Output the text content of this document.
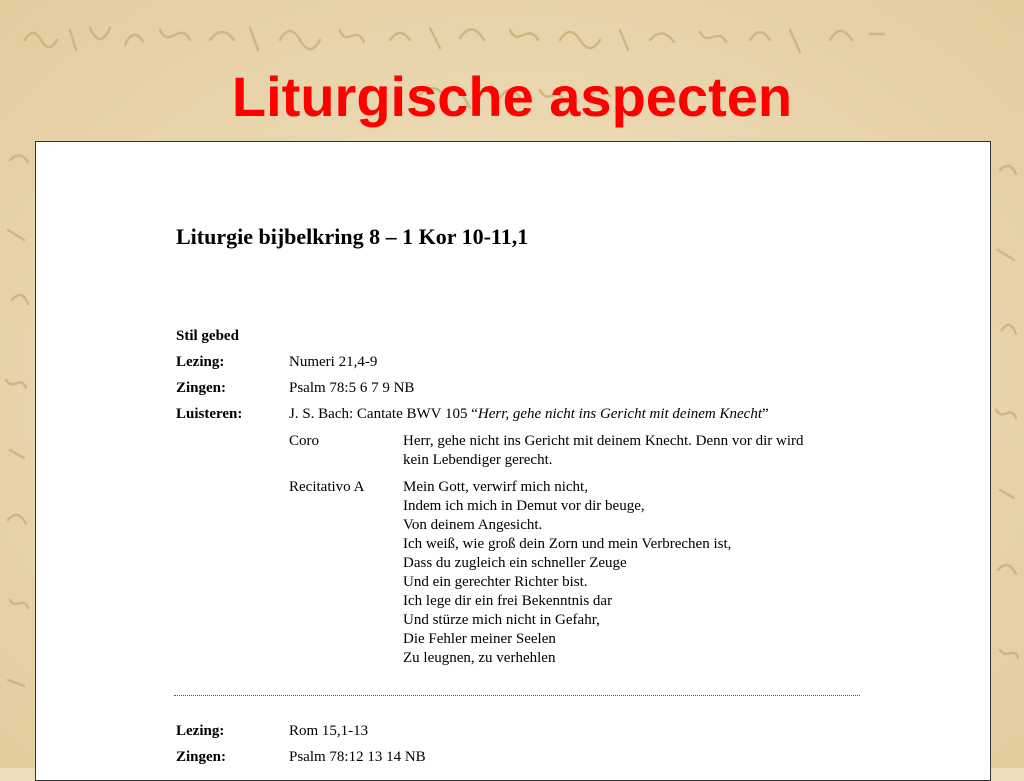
Liturgische aspecten
Liturgie bijbelkring 8 – 1 Kor 10-11,1
Stil gebed
Lezing:	Numeri 21,4-9
Zingen:	Psalm 78:5 6 7 9 NB
Luisteren:	J. S. Bach: Cantate BWV 105 “Herr, gehe nicht ins Gericht mit deinem Knecht”
Coro	Herr, gehe nicht ins Gericht mit deinem Knecht. Denn vor dir wird
kein Lebendiger gerecht.
Recitativo A	Mein Gott, verwirf mich nicht,
Indem ich mich in Demut vor dir beuge,
Von deinem Angesicht.
Ich weiß, wie groß dein Zorn und mein Verbrechen ist,
Dass du zugleich ein schneller Zeuge
Und ein gerechter Richter bist.
Ich lege dir ein frei Bekenntnis dar
Und stürze mich nicht in Gefahr,
Die Fehler meiner Seelen
Zu leugnen, zu verhehlen
Lezing:	Rom 15,1-13
Zingen:	Psalm 78:12 13 14 NB
